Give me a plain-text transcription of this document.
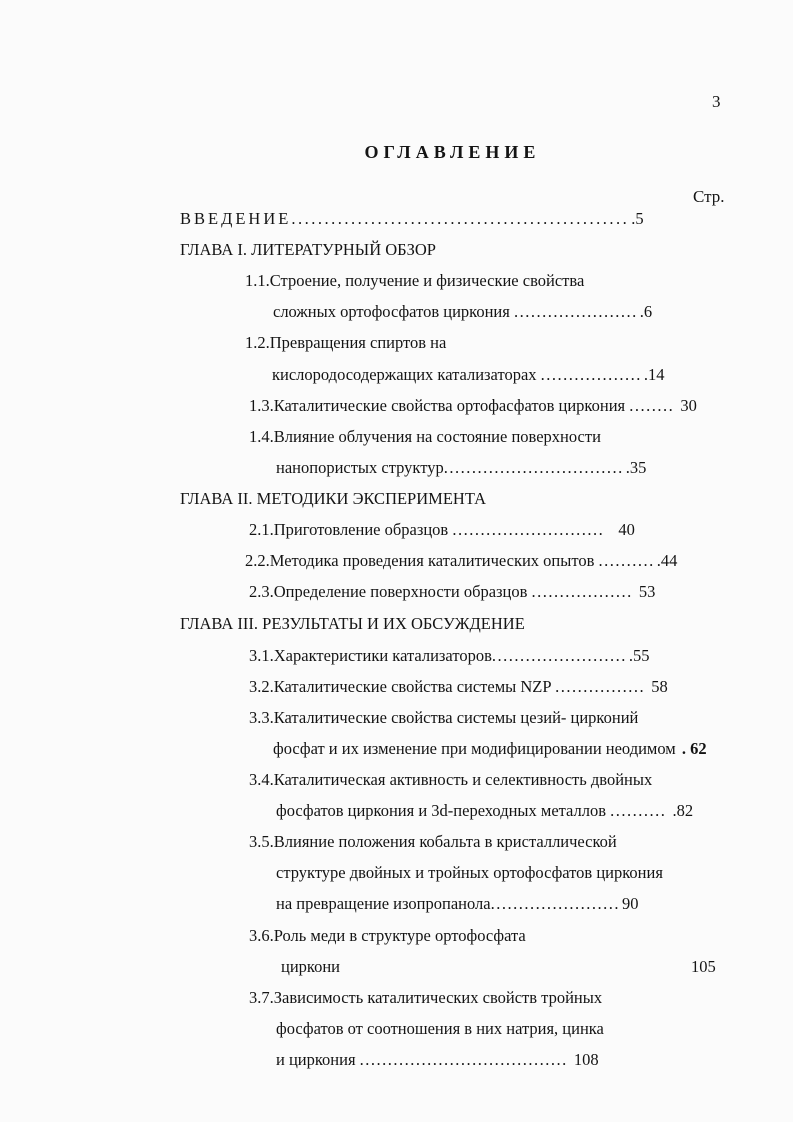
3
ОГЛАВЛЕНИЕ
Стр.
ВВЕДЕНИЕ................................................... .5
ГЛАВА I. ЛИТЕРАТУРНЫЙ ОБЗОР
1.1.Строение, получение и физические свойства
сложных ортофосфатов циркония ...................... .6
1.2.Превращения спиртов на
кислородосодержащих катализаторах .................. .14
1.3.Каталитические свойства ортофасфатов циркония ........ 30
1.4.Влияние облучения на состояние поверхности
нанопористых структур................................ .35
ГЛАВА II. МЕТОДИКИ ЭКСПЕРИМЕНТА
2.1.Приготовление образцов ........................... 40
2.2.Методика проведения каталитических опытов .......... .44
2.3.Определение поверхности образцов .................. 53
ГЛАВА III. РЕЗУЛЬТАТЫ И ИХ ОБСУЖДЕНИЕ
3.1.Характеристики катализаторов........................ .55
3.2.Каталитические свойства системы NZP ................ 58
3.3.Каталитические свойства системы цезий- цирконий
фосфат и их изменение при модифицировании неодимом . 62
3.4.Каталитическая активность и селективность двойных
фосфатов циркония и 3d-переходных металлов .......... .82
3.5.Влияние положения кобальта в кристаллической
структуре двойных и тройных ортофосфатов циркония
на превращение изопропанола....................... 90
3.6.Роль меди в структуре ортофосфата
циркони	105
3.7.Зависимость каталитических свойств тройных
фосфатов от соотношения в них натрия, цинка
и циркония ..................................... 108
